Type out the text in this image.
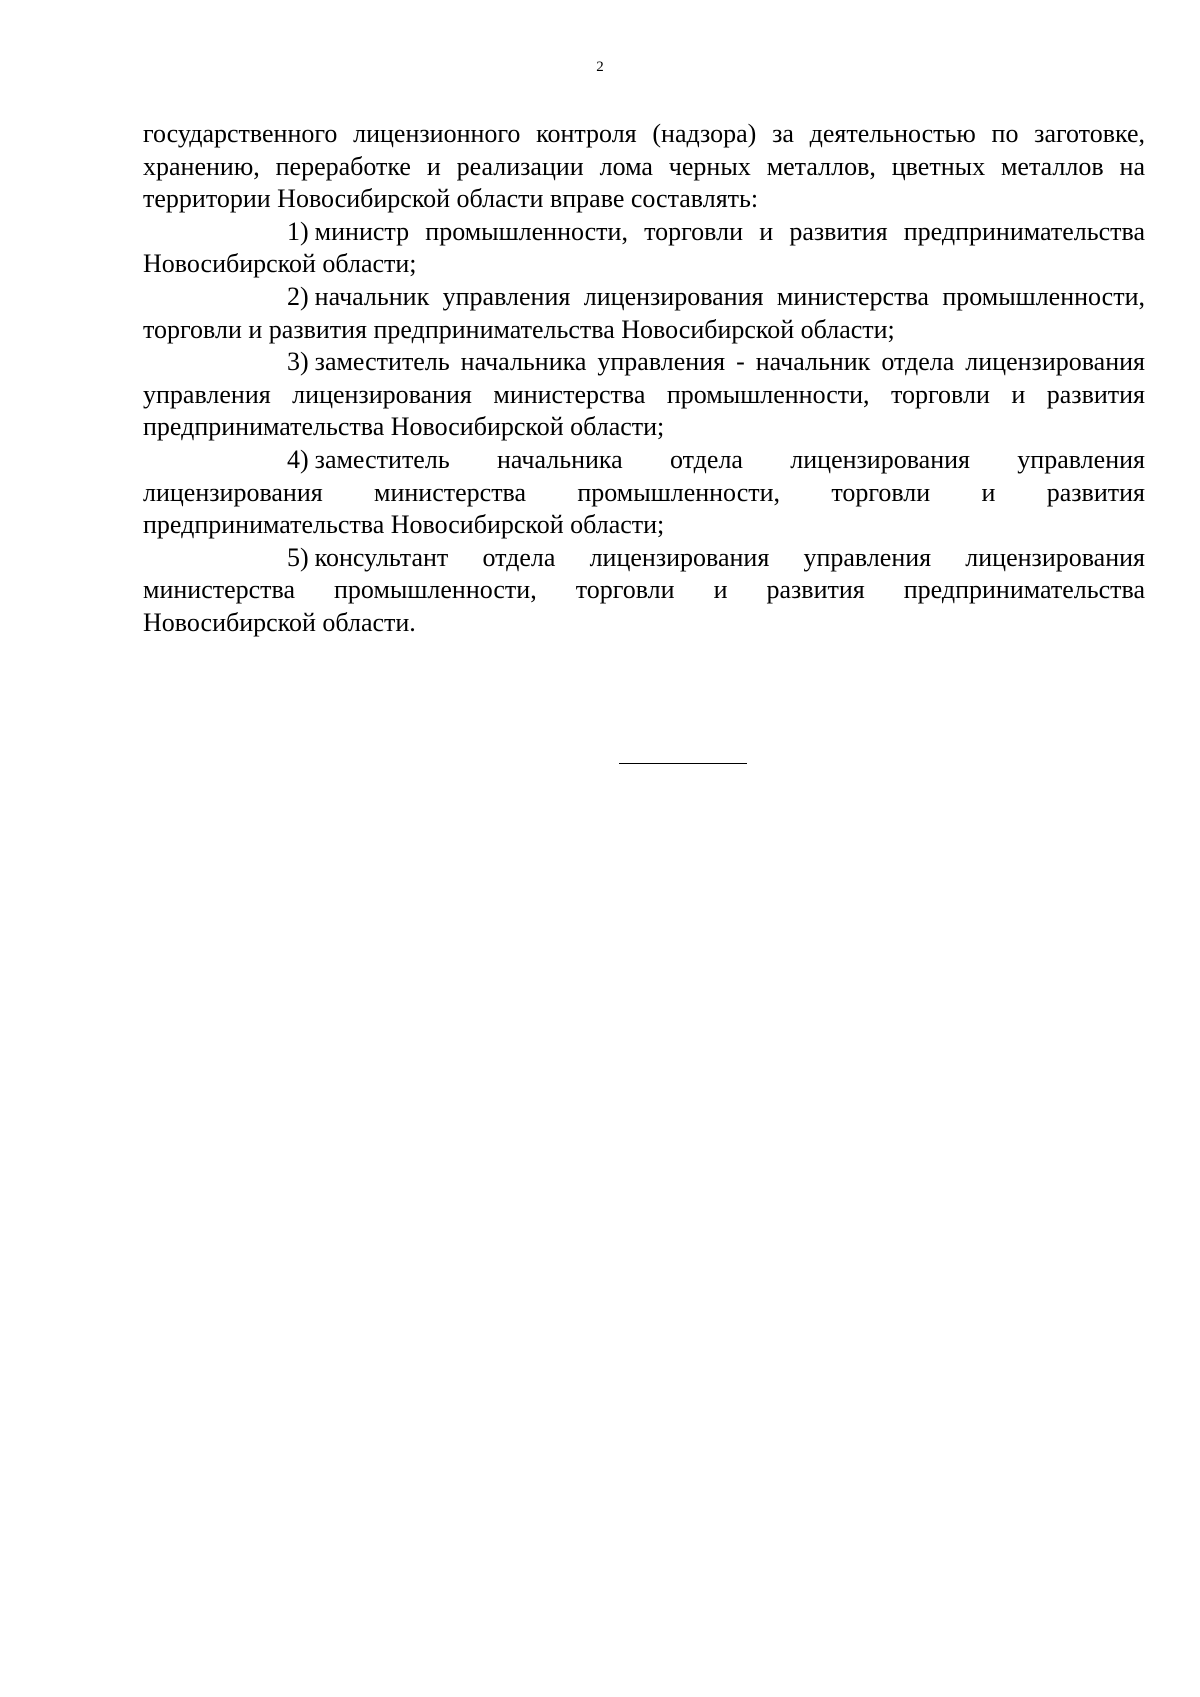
2

государственного лицензионного контроля (надзора) за деятельностью по заготовке, хранению, переработке и реализации лома черных металлов, цветных металлов на территории Новосибирской области вправе составлять:

1) министр промышленности, торговли и развития предпринимательства Новосибирской области;

2) начальник управления лицензирования министерства промышленности, торговли и развития предпринимательства Новосибирской области;

3) заместитель начальника управления - начальник отдела лицензирования управления лицензирования министерства промышленности, торговли и развития предпринимательства Новосибирской области;

4) заместитель начальника отдела лицензирования управления лицензирования министерства промышленности, торговли и развития предпринимательства Новосибирской области;

5) консультант отдела лицензирования управления лицензирования министерства промышленности, торговли и развития предпринимательства Новосибирской области.
